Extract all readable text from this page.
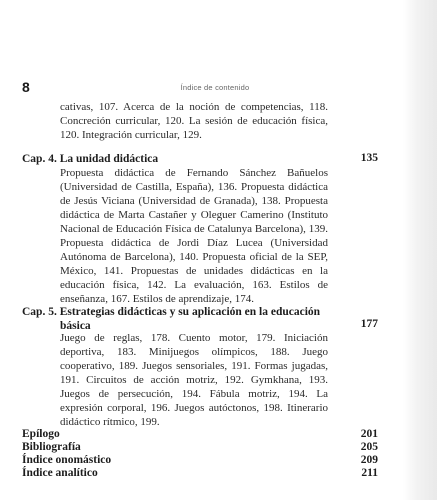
8	Índice de contenido
cativas, 107. Acerca de la noción de competencias, 118. Concreción curricular, 120. La sesión de educación física, 120. Integración curricular, 129.
Cap. 4. La unidad didáctica	135
Propuesta didáctica de Fernando Sánchez Bañuelos (Universidad de Castilla, España), 136. Propuesta didáctica de Jesús Viciana (Universidad de Granada), 138. Propuesta didáctica de Marta Castañer y Oleguer Camerino (Instituto Nacional de Educación Física de Catalunya Barcelona), 139. Propuesta didáctica de Jordi Díaz Lucea (Universidad Autónoma de Barcelona), 140. Propuesta oficial de la SEP, México, 141. Propuestas de unidades didácticas en la educación física, 142. La evaluación, 163. Estilos de enseñanza, 167. Estilos de aprendizaje, 174.
Cap. 5. Estrategias didácticas y su aplicación en la educación
básica	177
Juego de reglas, 178. Cuento motor, 179. Iniciación deportiva, 183. Minijuegos olímpicos, 188. Juego cooperativo, 189. Juegos sensoriales, 191. Formas jugadas, 191. Circuitos de acción motriz, 192. Gymkhana, 193. Juegos de persecución, 194. Fábula motriz, 194. La expresión corporal, 196. Juegos autóctonos, 198. Itinerario didáctico rítmico, 199.
Epílogo	201
Bibliografía	205
Índice onomástico	209
Índice analítico	211
